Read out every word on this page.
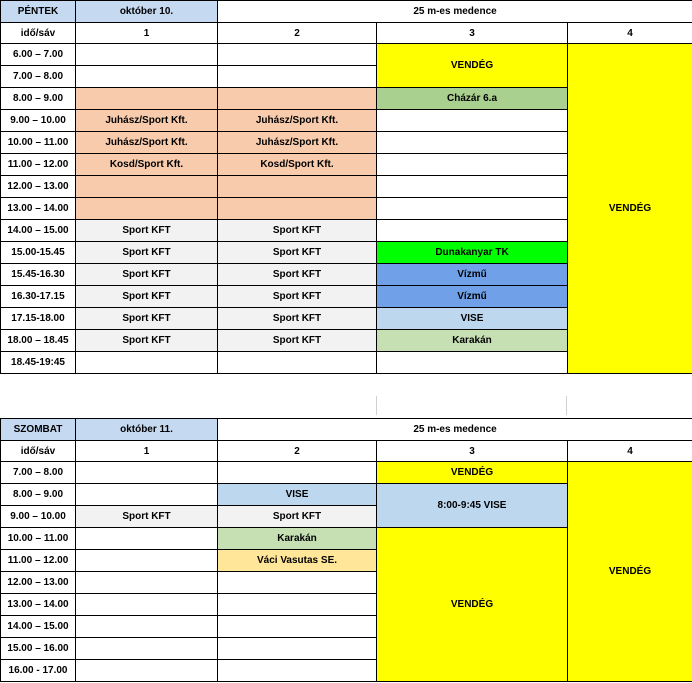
PÉNTEK	október 10.	25 m-es medence		
idő/sáv	1	2	3	4
6.00 – 7.00			VENDÉG	VENDÉG
7.00 – 8.00				
8.00 – 9.00			Cházár 6.a	
9.00 – 10.00	Juhász/Sport Kft.	Juhász/Sport Kft.		
10.00 – 11.00	Juhász/Sport Kft.	Juhász/Sport Kft.		
11.00 – 12.00	Kosd/Sport Kft.	Kosd/Sport Kft.		
12.00 – 13.00				
13.00 – 14.00				
14.00 – 15.00	Sport KFT	Sport KFT		
15.00-15.45	Sport KFT	Sport KFT	Dunakanyar TK	
15.45-16.30	Sport KFT	Sport KFT	Vízmű	
16.30-17.15	Sport KFT	Sport KFT	Vízmű	
17.15-18.00	Sport KFT	Sport KFT	VISE	
18.00 – 18.45	Sport KFT	Sport KFT	Karakán	
18.45-19:45				
SZOMBAT	október 11.	25 m-es medence		
idő/sáv	1	2	3	4
7.00 – 8.00			VENDÉG	VENDÉG
8.00 – 9.00		VISE	8:00-9:45 VISE	
9.00 – 10.00	Sport KFT	Sport KFT		
10.00 – 11.00		Karakán	VENDÉG	
11.00 – 12.00		Váci Vasutas SE.		
12.00 – 13.00				
13.00 – 14.00				
14.00 – 15.00				
15.00 – 16.00				
16.00 - 17.00				
